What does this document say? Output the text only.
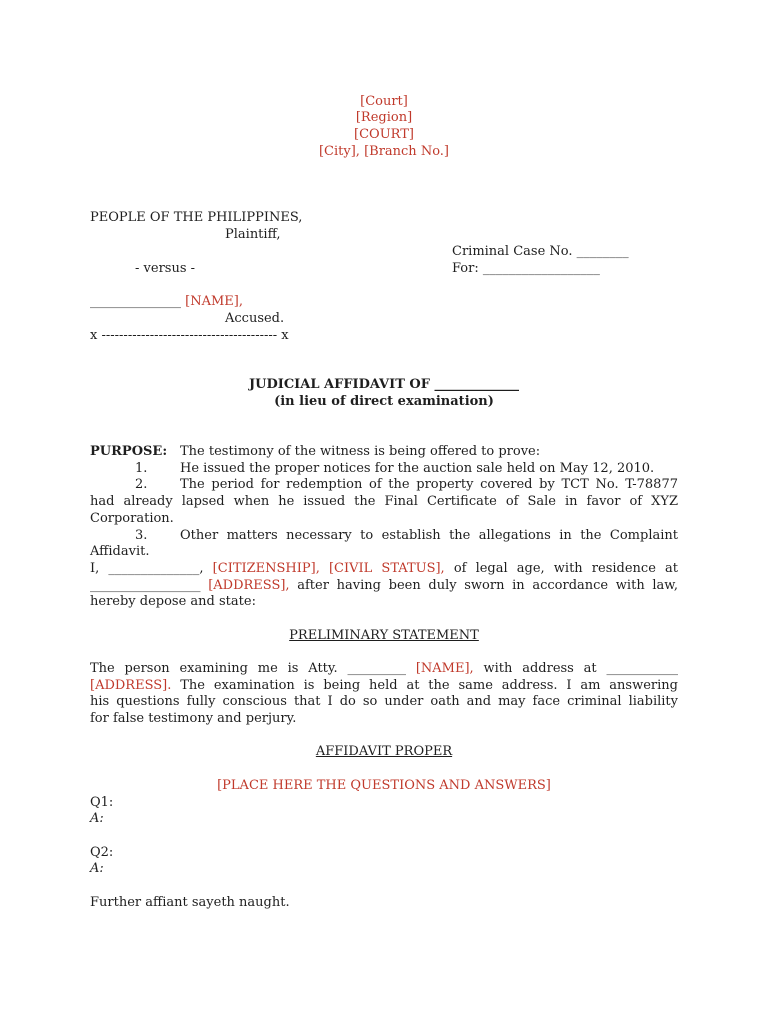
[Court]
[Region]
[COURT]
[City], [Branch No.]
PEOPLE OF THE PHILIPPINES,
Plaintiff,
Criminal Case No. ________
- versus -	For: __________________
______________ [NAME],
Accused.
x ---------------------------------------- x
JUDICIAL AFFIDAVIT OF _____________
(in lieu of direct examination)
PURPOSE: The testimony of the witness is being offered to prove:
1.	He issued the proper notices for the auction sale held on May 12, 2010.
2.	The period for redemption of the property covered by TCT No. T-78877
had already lapsed when he issued the Final Certificate of Sale in favor of XYZ
Corporation.
3.	Other matters necessary to establish the allegations in the Complaint
Affidavit.
I, ______________, [CITIZENSHIP], [CIVIL STATUS], of legal age, with residence at
_________________ [ADDRESS], after having been duly sworn in accordance with law,
hereby depose and state:
PRELIMINARY STATEMENT
The person examining me is Atty. _________ [NAME], with address at ___________
[ADDRESS]. The examination is being held at the same address. I am answering
his questions fully conscious that I do so under oath and may face criminal liability
for false testimony and perjury.
AFFIDAVIT PROPER
[PLACE HERE THE QUESTIONS AND ANSWERS]
Q1:
A:
Q2:
A:
Further affiant sayeth naught.
